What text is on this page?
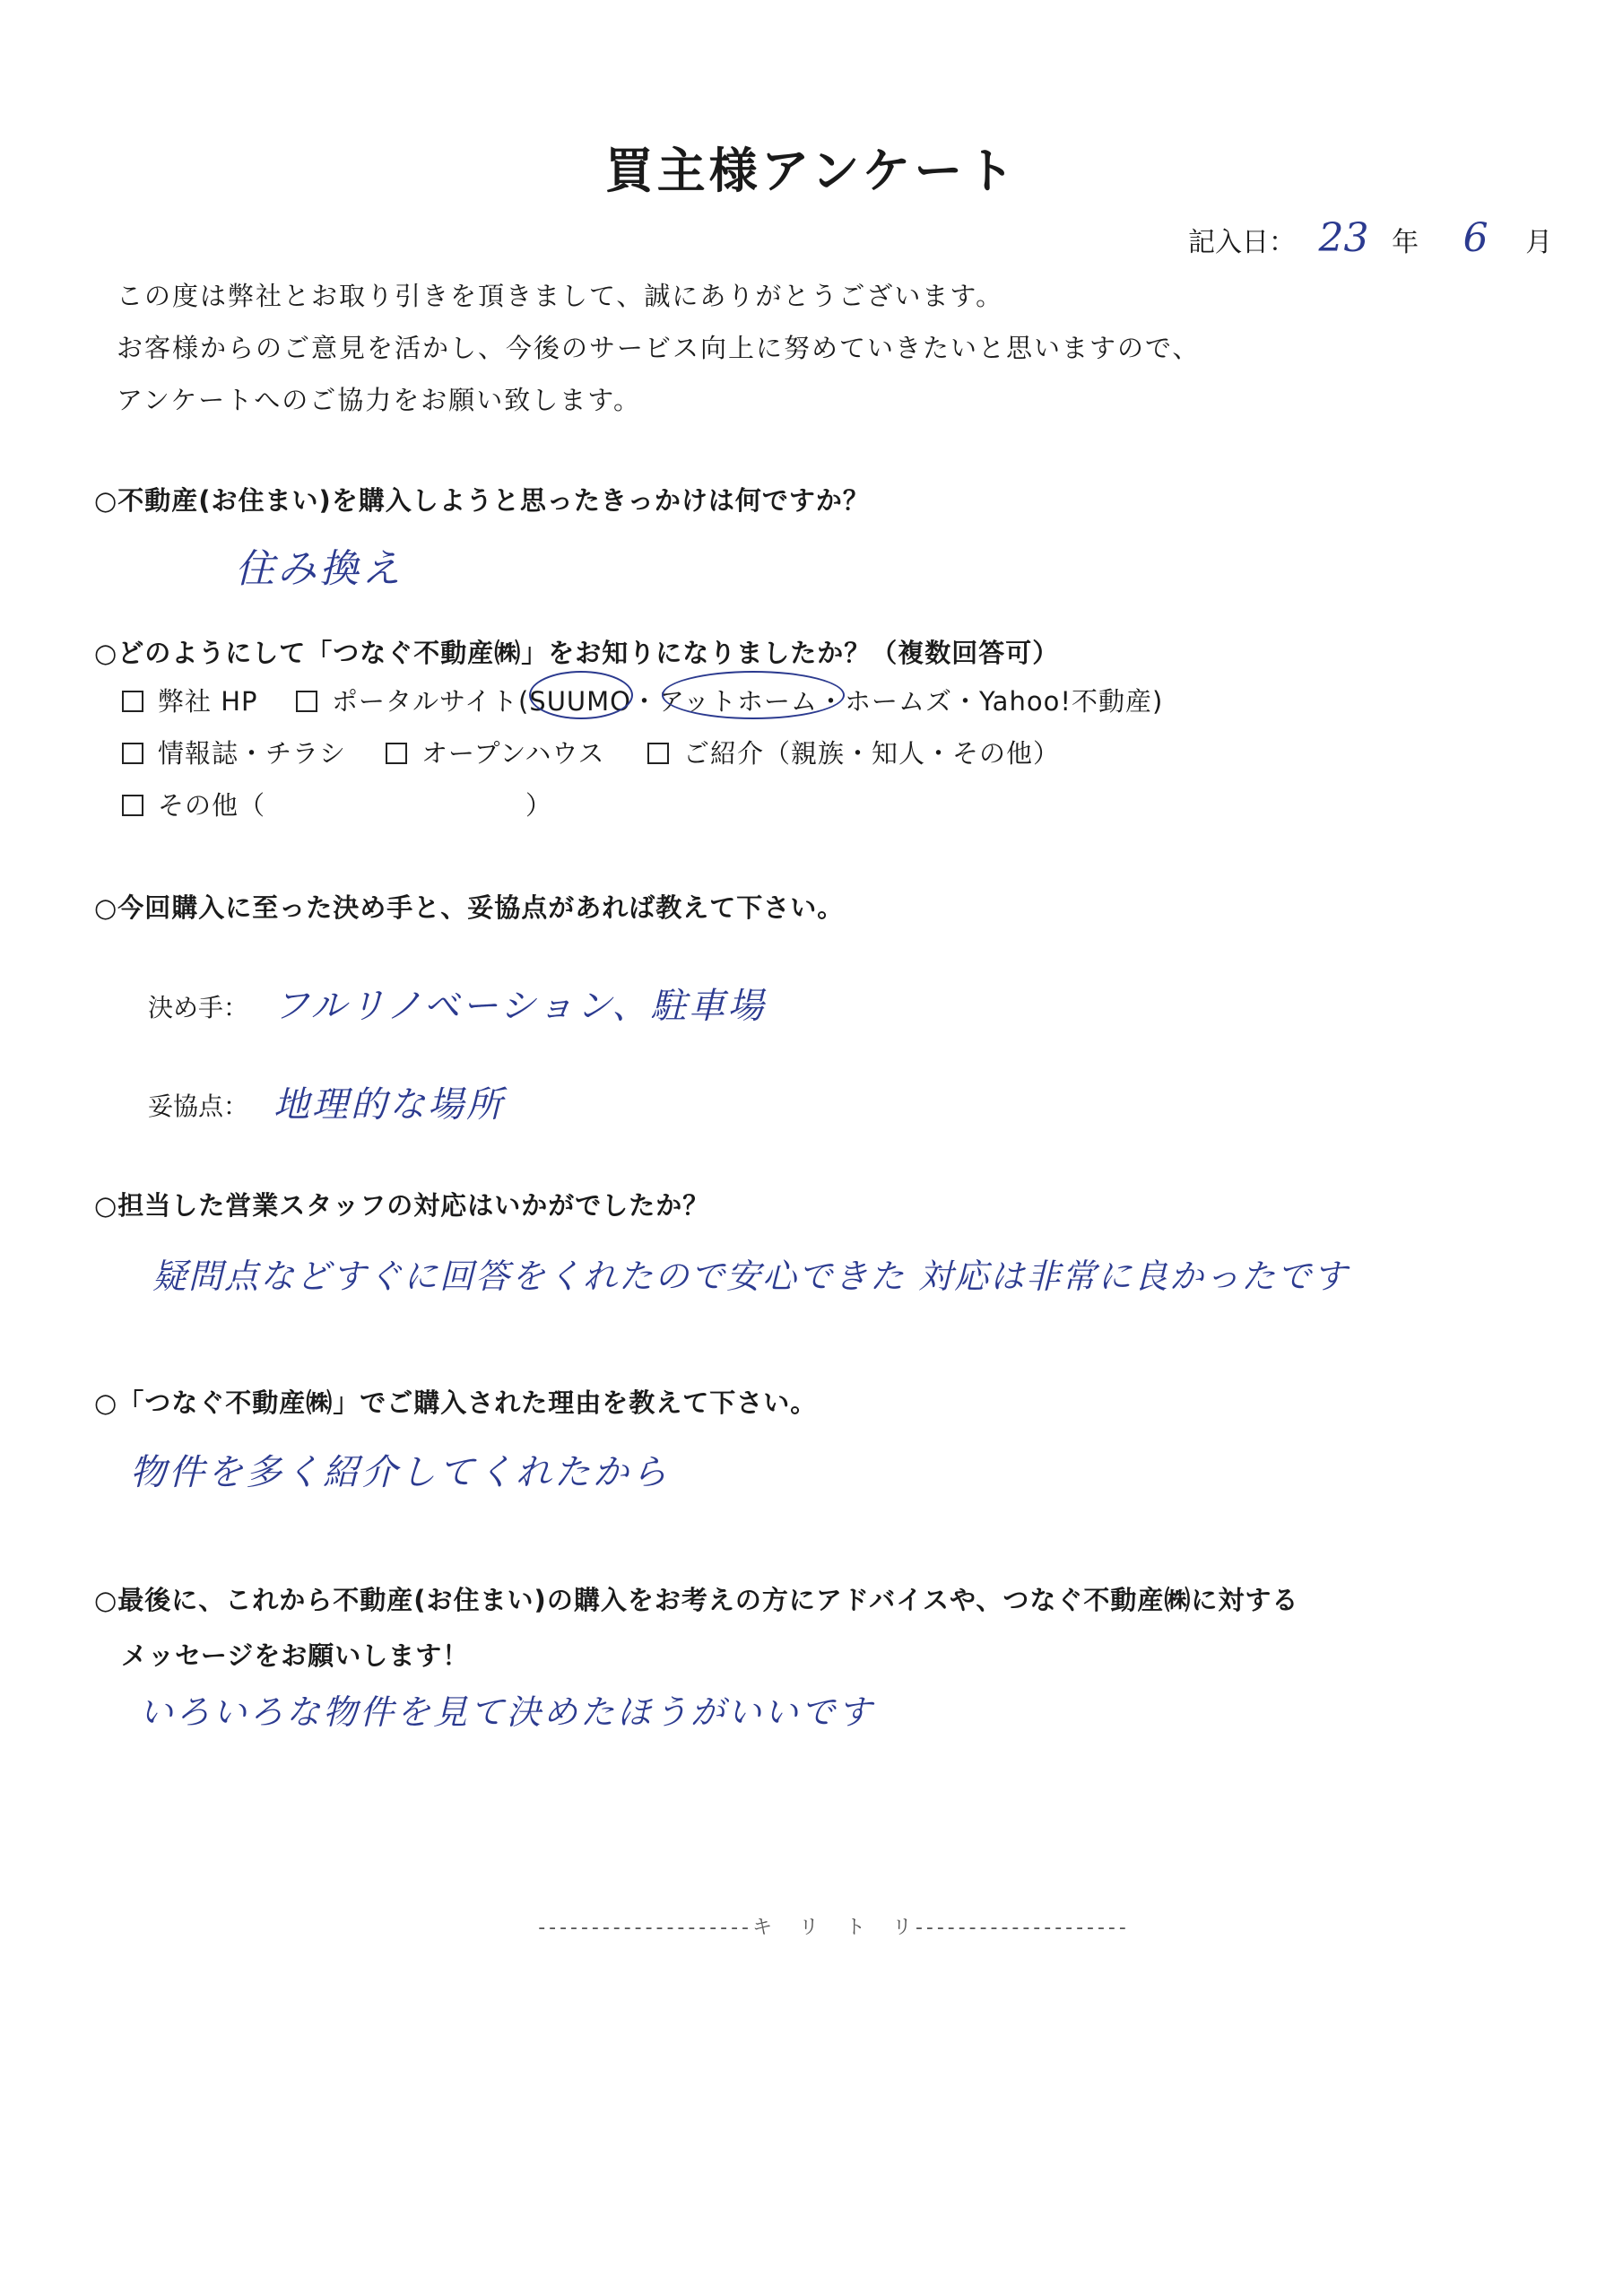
買主様アンケート
記入日： 23 年 6 月
この度は弊社とお取り引きを頂きまして、誠にありがとうございます。
お客様からのご意見を活かし、今後のサービス向上に努めていきたいと思いますので、
アンケートへのご協力をお願い致します。
○不動産(お住まい)を購入しようと思ったきっかけは何ですか？
住み換え
○どのようにして「つなぐ不動産㈱」をお知りになりましたか？（複数回答可）
弊社 HP	ポータルサイト(SUUMO・アットホーム・ホームズ・Yahoo!不動産)
情報誌・チラシ	オープンハウス	ご紹介（親族・知人・その他）
その他（	）
○今回購入に至った決め手と、妥協点があれば教えて下さい。
決め手： フルリノベーション、駐車場
妥協点： 地理的な場所
○担当した営業スタッフの対応はいかがでしたか？
疑問点などすぐに回答をくれたので安心できた 対応は非常に良かったです
○「つなぐ不動産㈱」でご購入された理由を教えて下さい。
物件を多く紹介してくれたから
○最後に、これから不動産(お住まい)の購入をお考えの方にアドバイスや、つなぐ不動産㈱に対する
メッセージをお願いします！
いろいろな物件を見て決めたほうがいいです
--------------------キ　リ　ト　リ--------------------
